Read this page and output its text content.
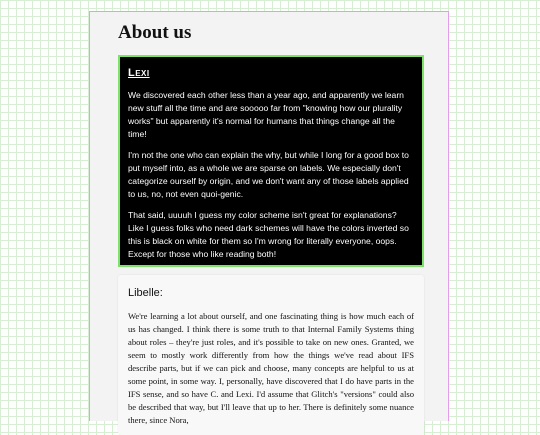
About us
Lexi

We discovered each other less than a year ago, and apparently we learn new stuff all the time and are sooooo far from "knowing how our plurality works" but apparently it's normal for humans that things change all the time!

I'm not the one who can explain the why, but while I long for a good box to put myself into, as a whole we are sparse on labels. We especially don't categorize ourself by origin, and we don't want any of those labels applied to us, no, not even quoi-genic.

That said, uuuuh I guess my color scheme isn't great for explanations? Like I guess folks who need dark schemes will have the colors inverted so this is black on white for them so I'm wrong for literally everyone, oops. Except for those who like reading both!

Libelle:

We're learning a lot about ourself, and one fascinating thing is how much each of us has changed. I think there is some truth to that Internal Family Systems thing about roles – they're just roles, and it's possible to take on new ones. Granted, we seem to mostly work differently from how the things we've read about IFS describe parts, but if we can pick and choose, many concepts are helpful to us at some point, in some way. I, personally, have discovered that I do have parts in the IFS sense, and so have C. and Lexi. I'd assume that Glitch's "versions" could also be described that way, but I'll leave that up to her. There is definitely some nuance there, since Nora,
